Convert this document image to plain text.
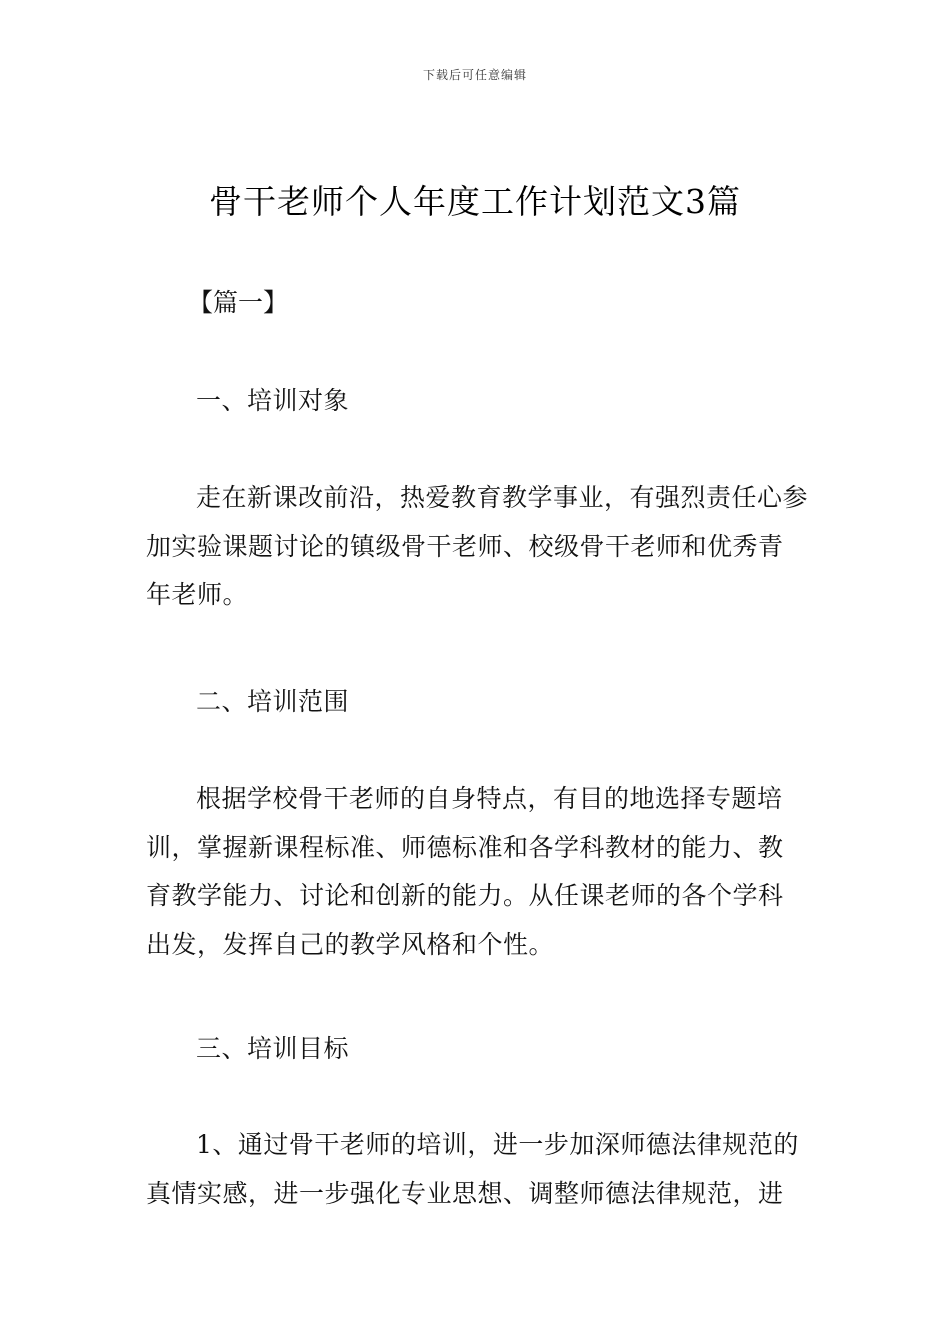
下载后可任意编辑
骨干老师个人年度工作计划范文3篇
【篇一】
一、培训对象

走在新课改前沿，热爱教育教学事业，有强烈责任心参加实验课题讨论的镇级骨干老师、校级骨干老师和优秀青年老师。

二、培训范围

根据学校骨干老师的自身特点，有目的地选择专题培训，掌握新课程标准、师德标准和各学科教材的能力、教育教学能力、讨论和创新的能力。从任课老师的各个学科出发，发挥自己的教学风格和个性。

三、培训目标

1、通过骨干老师的培训，进一步加深师德法律规范的真情实感，进一步强化专业思想、调整师德法律规范，进
